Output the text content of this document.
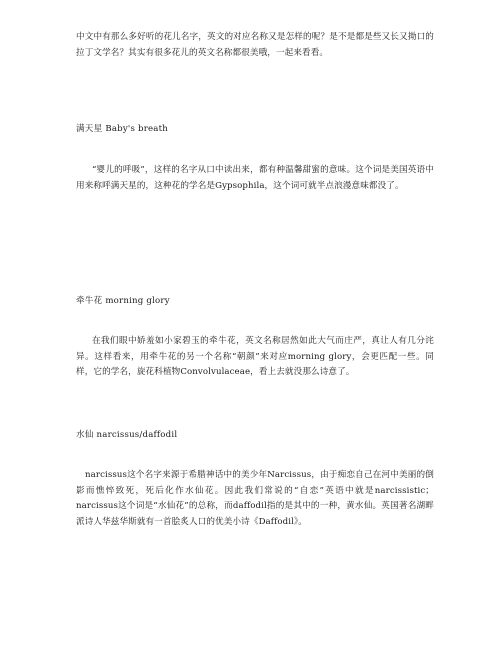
中文中有那么多好听的花儿名字，英文的对应名称又是怎样的呢？是不是都是些又长又拗口的拉丁文学名？其实有很多花儿的英文名称都很美哦，一起来看看。

满天星 Baby's breath

“婴儿的呼吸”，这样的名字从口中读出来，都有种温馨甜蜜的意味。这个词是美国英语中用来称呼满天星的，这种花的学名是Gypsophila，这个词可就半点浪漫意味都没了。

牵牛花 morning glory

在我们眼中娇羞如小家碧玉的牵牛花，英文名称居然如此大气而庄严，真让人有几分诧异。这样看来，用牵牛花的另一个名称“朝颜”来对应morning glory，会更匹配一些。同样，它的学名，旋花科植物Convolvulaceae，看上去就没那么诗意了。

水仙 narcissus/daffodil

narcissus这个名字来源于希腊神话中的美少年Narcissus，由于痴恋自己在河中美丽的倒影而憔悴致死，死后化作水仙花。因此我们常说的“自恋”英语中就是narcissistic；narcissus这个词是“水仙花”的总称，而daffodil指的是其中的一种，黄水仙。英国著名湖畔派诗人华兹华斯就有一首脍炙人口的优美小诗《Daffodil》。
